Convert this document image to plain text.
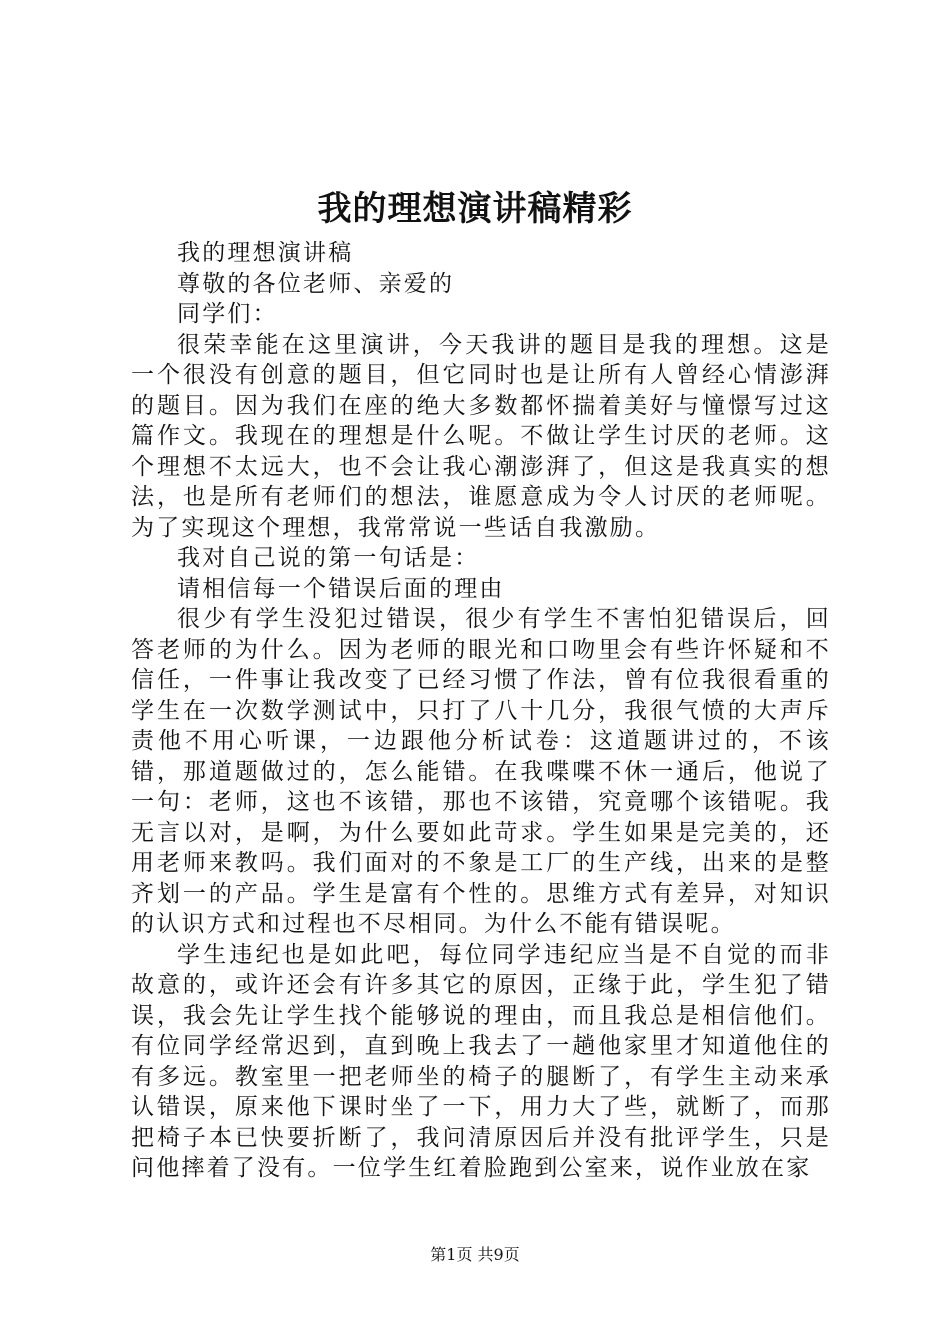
我的理想演讲稿精彩

我的理想演讲稿

尊敬的各位老师、亲爱的

同学们：

很荣幸能在这里演讲，今天我讲的题目是我的理想。这是一个很没有创意的题目，但它同时也是让所有人曾经心情澎湃的题目。因为我们在座的绝大多数都怀揣着美好与憧憬写过这篇作文。我现在的理想是什么呢。不做让学生讨厌的老师。这个理想不太远大，也不会让我心潮澎湃了，但这是我真实的想法，也是所有老师们的想法，谁愿意成为令人讨厌的老师呢。为了实现这个理想，我常常说一些话自我激励。

我对自己说的第一句话是：

请相信每一个错误后面的理由

很少有学生没犯过错误，很少有学生不害怕犯错误后，回答老师的为什么。因为老师的眼光和口吻里会有些许怀疑和不信任，一件事让我改变了已经习惯了作法，曾有位我很看重的学生在一次数学测试中，只打了八十几分，我很气愤的大声斥责他不用心听课，一边跟他分析试卷：这道题讲过的，不该错，那道题做过的，怎么能错。在我喋喋不休一通后，他说了一句：老师，这也不该错，那也不该错，究竟哪个该错呢。我无言以对，是啊，为什么要如此苛求。学生如果是完美的，还用老师来教吗。我们面对的不象是工厂的生产线，出来的是整齐划一的产品。学生是富有个性的。思维方式有差异，对知识的认识方式和过程也不尽相同。为什么不能有错误呢。

学生违纪也是如此吧，每位同学违纪应当是不自觉的而非故意的，或许还会有许多其它的原因，正缘于此，学生犯了错误，我会先让学生找个能够说的理由，而且我总是相信他们。有位同学经常迟到，直到晚上我去了一趟他家里才知道他住的有多远。教室里一把老师坐的椅子的腿断了，有学生主动来承认错误，原来他下课时坐了一下，用力大了些，就断了，而那把椅子本已快要折断了，我问清原因后并没有批评学生，只是问他摔着了没有。一位学生红着脸跑到公室来，说作业放在家

第1页 共9页
